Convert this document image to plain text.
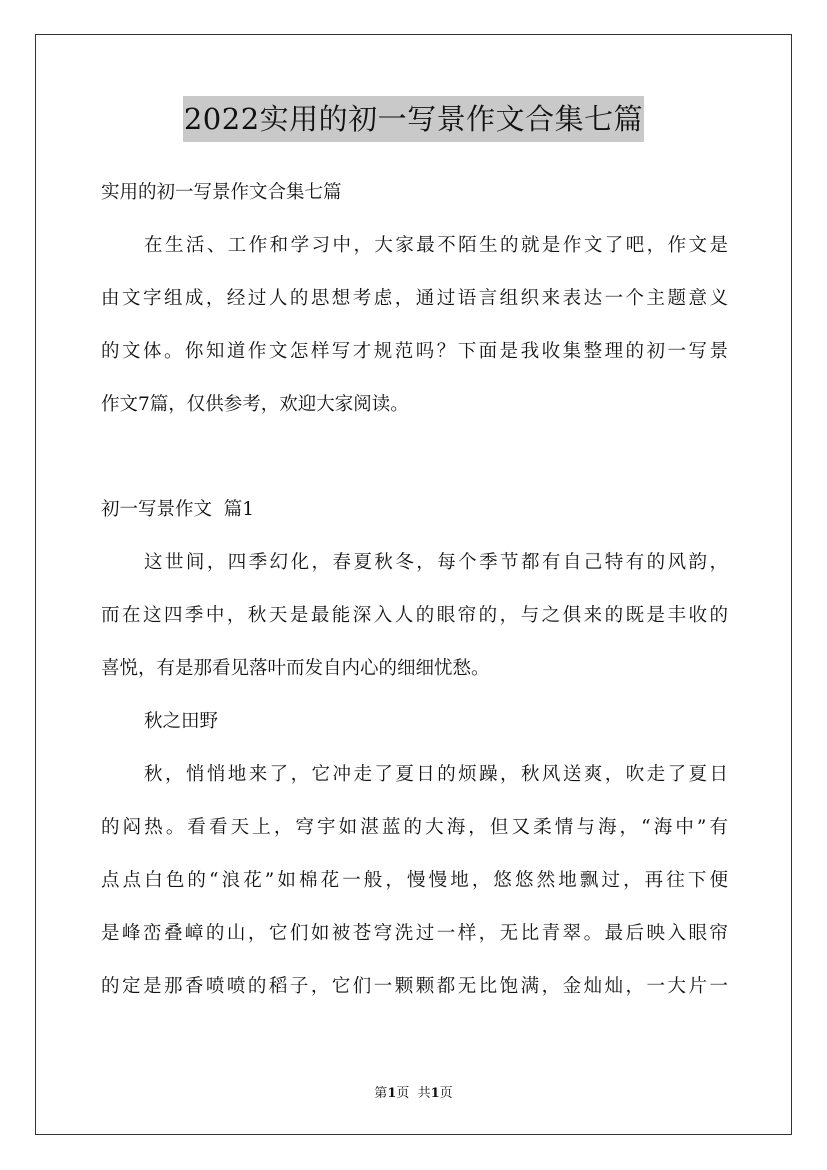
2022实用的初一写景作文合集七篇
实用的初一写景作文合集七篇
在生活、工作和学习中，大家最不陌生的就是作文了吧，作文是
由文字组成，经过人的思想考虑，通过语言组织来表达一个主题意义
的文体。你知道作文怎样写才规范吗？下面是我收集整理的初一写景
作文7篇，仅供参考，欢迎大家阅读。
初一写景作文  篇1
这世间，四季幻化，春夏秋冬，每个季节都有自己特有的风韵，
而在这四季中，秋天是最能深入人的眼帘的，与之俱来的既是丰收的
喜悦，有是那看见落叶而发自内心的细细忧愁。
秋之田野
秋，悄悄地来了，它冲走了夏日的烦躁，秋风送爽，吹走了夏日
的闷热。看看天上，穹宇如湛蓝的大海，但又柔情与海，“海中”有
点点白色的“浪花”如棉花一般，慢慢地，悠悠然地飘过，再往下便
是峰峦叠嶂的山，它们如被苍穹洗过一样，无比青翠。最后映入眼帘
的定是那香喷喷的稻子，它们一颗颗都无比饱满，金灿灿，一大片一
第1页  共1页
